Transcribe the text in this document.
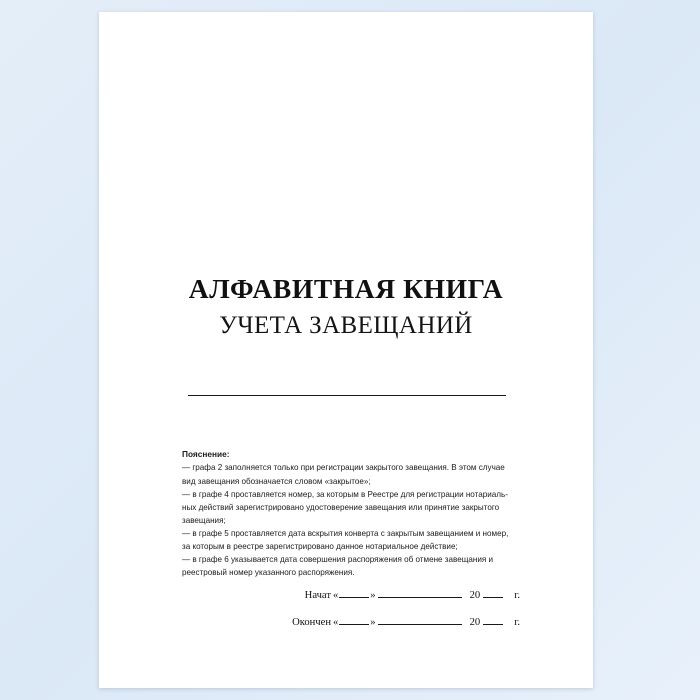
АЛФАВИТНАЯ КНИГА
УЧЕТА ЗАВЕЩАНИЙ
Пояснение:
— графа 2 заполняется только при регистрации закрытого завещания. В этом случае
вид завещания обозначается словом «закрытое»;
— в графе 4 проставляется номер, за которым в Реестре для регистрации нотариаль-
ных действий зарегистрировано удостоверение завещания или принятие закрытого
завещания;
— в графе 5 проставляется дата вскрытия конверта с закрытым завещанием и номер,
за которым в реестре зарегистрировано данное нотариальное действие;
— в графе 6 указывается дата совершения распоряжения об отмене завещания и
реестровый номер указанного распоряжения.
Начат «	»	20	г.
Окончен «	»	20	г.
